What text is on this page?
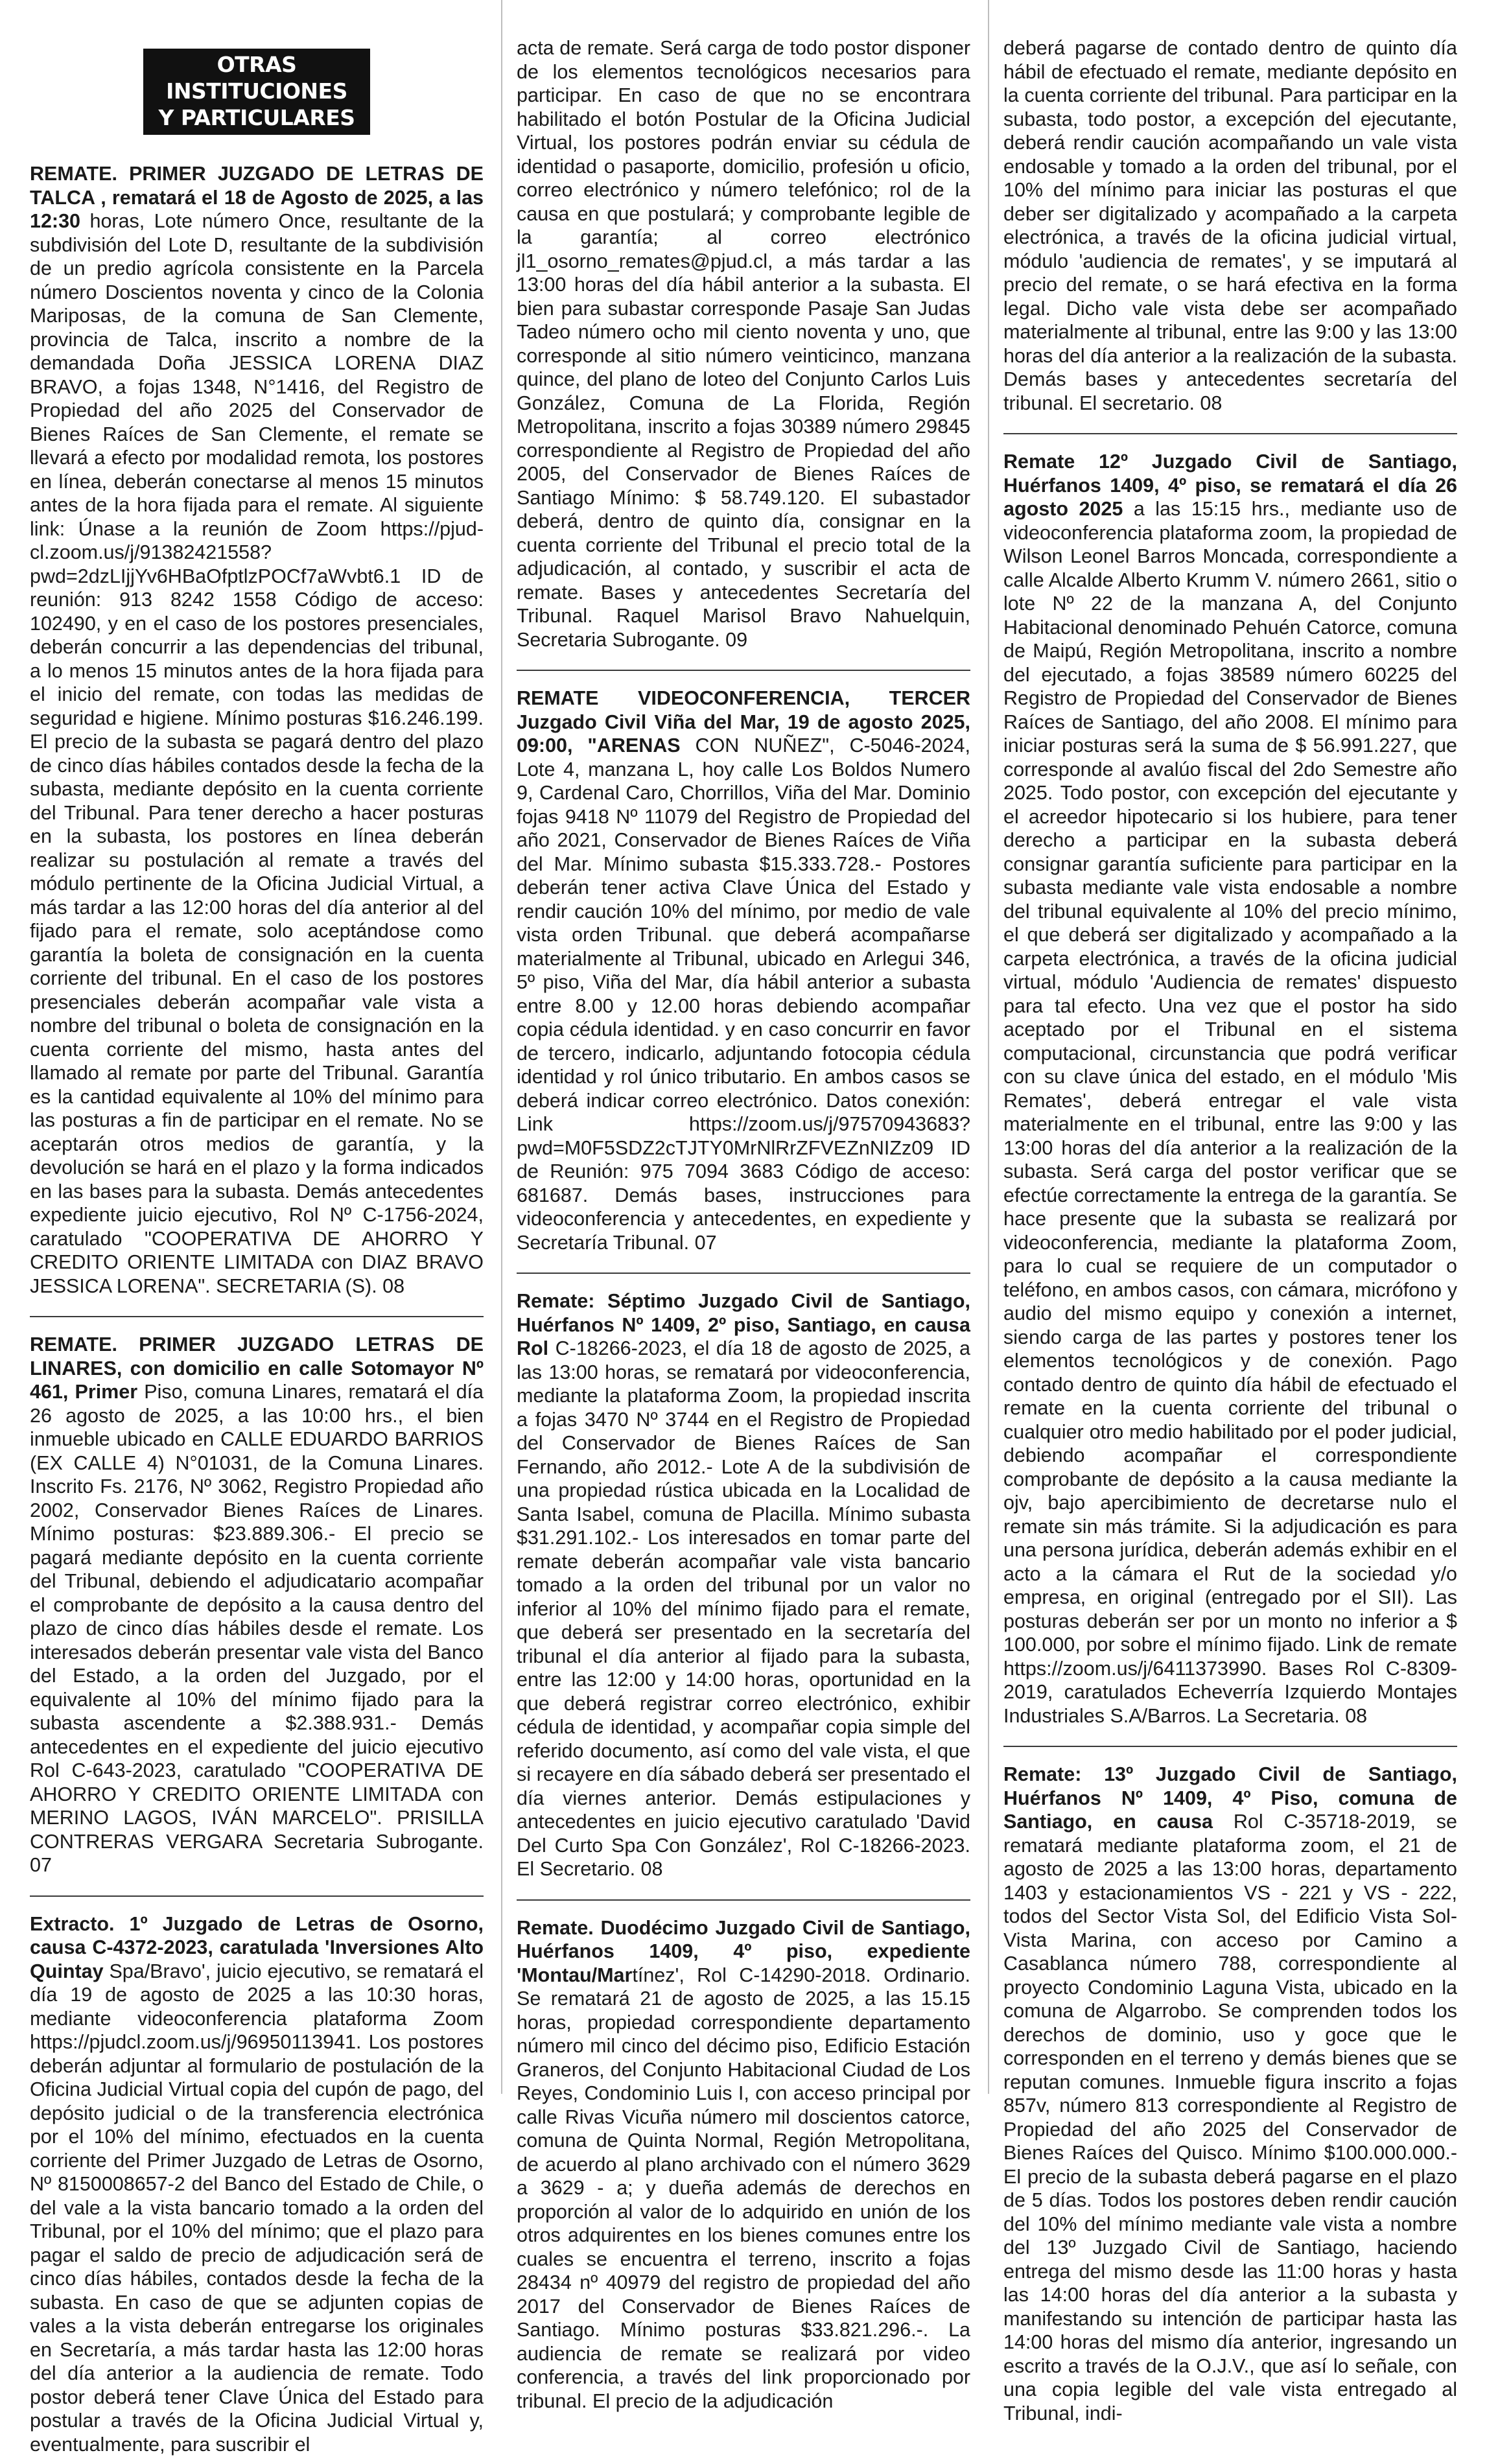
OTRAS INSTITUCIONES
Y PARTICULARES

REMATE. PRIMER JUZGADO DE LETRAS DE TALCA , rematará el 18 de Agosto de 2025, a las 12:30 horas, Lote número Once, resultante de la subdivisión del Lote D, resultante de la subdivisión de un predio agrícola consistente en la Parcela número Doscientos noventa y cinco de la Colonia Mariposas, de la comuna de San Clemente, provincia de Talca, inscrito a nombre de la demandada Doña JESSICA LORENA DIAZ BRAVO, a fojas 1348, N°1416, del Registro de Propiedad del año 2025 del Conservador de Bienes Raíces de San Clemente, el remate se llevará a efecto por modalidad remota, los postores en línea, deberán conectarse al menos 15 minutos antes de la hora fijada para el remate. Al siguiente link: Únase a la reunión de Zoom https://pjud-cl.zoom.us/j/91382421558?pwd=2dzLIjjYv6HBaOfptlzPOCf7aWvbt6.1 ID de reunión: 913 8242 1558 Código de acceso: 102490, y en el caso de los postores presenciales, deberán concurrir a las dependencias del tribunal, a lo menos 15 minutos antes de la hora fijada para el inicio del remate, con todas las medidas de seguridad e higiene. Mínimo posturas $16.246.199. El precio de la subasta se pagará dentro del plazo de cinco días hábiles contados desde la fecha de la subasta, mediante depósito en la cuenta corriente del Tribunal. Para tener derecho a hacer posturas en la subasta, los postores en línea deberán realizar su postulación al remate a través del módulo pertinente de la Oficina Judicial Virtual, a más tardar a las 12:00 horas del día anterior al del fijado para el remate, solo aceptándose como garantía la boleta de consignación en la cuenta corriente del tribunal. En el caso de los postores presenciales deberán acompañar vale vista a nombre del tribunal o boleta de consignación en la cuenta corriente del mismo, hasta antes del llamado al remate por parte del Tribunal. Garantía es la cantidad equivalente al 10% del mínimo para las posturas a fin de participar en el remate. No se aceptarán otros medios de garantía, y la devolución se hará en el plazo y la forma indicados en las bases para la subasta. Demás antecedentes expediente juicio ejecutivo, Rol Nº C-1756-2024, caratulado "COOPERATIVA DE AHORRO Y CREDITO ORIENTE LIMITADA con DIAZ BRAVO JESSICA LORENA". SECRETARIA (S). 08

REMATE. PRIMER JUZGADO LETRAS DE LINARES, con domicilio en calle Sotomayor Nº 461, Primer Piso, comuna Linares, rematará el día 26 agosto de 2025, a las 10:00 hrs., el bien inmueble ubicado en CALLE EDUARDO BARRIOS (EX CALLE 4) N°01031, de la Comuna Linares. Inscrito Fs. 2176, Nº 3062, Registro Propiedad año 2002, Conservador Bienes Raíces de Linares. Mínimo posturas: $23.889.306.- El precio se pagará mediante depósito en la cuenta corriente del Tribunal, debiendo el adjudicatario acompañar el comprobante de depósito a la causa dentro del plazo de cinco días hábiles desde el remate. Los interesados deberán presentar vale vista del Banco del Estado, a la orden del Juzgado, por el equivalente al 10% del mínimo fijado para la subasta ascendente a $2.388.931.- Demás antecedentes en el expediente del juicio ejecutivo Rol C-643-2023, caratulado "COOPERATIVA DE AHORRO Y CREDITO ORIENTE LIMITADA con MERINO LAGOS, IVÁN MARCELO". PRISILLA CONTRERAS VERGARA Secretaria Subrogante. 07

Extracto. 1º Juzgado de Letras de Osorno, causa C-4372-2023, caratulada 'Inversiones Alto Quintay Spa/Bravo', juicio ejecutivo, se rematará el día 19 de agosto de 2025 a las 10:30 horas, mediante videoconferencia plataforma Zoom https://pjudcl.zoom.us/j/96950113941. Los postores deberán adjuntar al formulario de postulación de la Oficina Judicial Virtual copia del cupón de pago, del depósito judicial o de la transferencia electrónica por el 10% del mínimo, efectuados en la cuenta corriente del Primer Juzgado de Letras de Osorno, Nº 8150008657-2 del Banco del Estado de Chile, o del vale a la vista bancario tomado a la orden del Tribunal, por el 10% del mínimo; que el plazo para pagar el saldo de precio de adjudicación será de cinco días hábiles, contados desde la fecha de la subasta. En caso de que se adjunten copias de vales a la vista deberán entregarse los originales en Secretaría, a más tardar hasta las 12:00 horas del día anterior a la audiencia de remate. Todo postor deberá tener Clave Única del Estado para postular a través de la Oficina Judicial Virtual y, eventualmente, para suscribir el

acta de remate. Será carga de todo postor disponer de los elementos tecnológicos necesarios para participar. En caso de que no se encontrara habilitado el botón Postular de la Oficina Judicial Virtual, los postores podrán enviar su cédula de identidad o pasaporte, domicilio, profesión u oficio, correo electrónico y número telefónico; rol de la causa en que postulará; y comprobante legible de la garantía; al correo electrónico jl1_osorno_remates@pjud.cl, a más tardar a las 13:00 horas del día hábil anterior a la subasta. El bien para subastar corresponde Pasaje San Judas Tadeo número ocho mil ciento noventa y uno, que corresponde al sitio número veinticinco, manzana quince, del plano de loteo del Conjunto Carlos Luis González, Comuna de La Florida, Región Metropolitana, inscrito a fojas 30389 número 29845 correspondiente al Registro de Propiedad del año 2005, del Conservador de Bienes Raíces de Santiago Mínimo: $ 58.749.120. El subastador deberá, dentro de quinto día, consignar en la cuenta corriente del Tribunal el precio total de la adjudicación, al contado, y suscribir el acta de remate. Bases y antecedentes Secretaría del Tribunal. Raquel Marisol Bravo Nahuelquin, Secretaria Subrogante. 09

REMATE VIDEOCONFERENCIA, TERCER Juzgado Civil Viña del Mar, 19 de agosto 2025, 09:00, "ARENAS CON NUÑEZ", C-5046-2024, Lote 4, manzana L, hoy calle Los Boldos Numero 9, Cardenal Caro, Chorrillos, Viña del Mar. Dominio fojas 9418 Nº 11079 del Registro de Propiedad del año 2021, Conservador de Bienes Raíces de Viña del Mar. Mínimo subasta $15.333.728.- Postores deberán tener activa Clave Única del Estado y rendir caución 10% del mínimo, por medio de vale vista orden Tribunal. que deberá acompañarse materialmente al Tribunal, ubicado en Arlegui 346, 5º piso, Viña del Mar, día hábil anterior a subasta entre 8.00 y 12.00 horas debiendo acompañar copia cédula identidad. y en caso concurrir en favor de tercero, indicarlo, adjuntando fotocopia cédula identidad y rol único tributario. En ambos casos se deberá indicar correo electrónico. Datos conexión: Link https://zoom.us/j/97570943683?pwd=M0F5SDZ2cTJTY0MrNlRrZFVEZnNIZz09 ID de Reunión: 975 7094 3683 Código de acceso: 681687. Demás bases, instrucciones para videoconferencia y antecedentes, en expediente y Secretaría Tribunal. 07

Remate: Séptimo Juzgado Civil de Santiago, Huérfanos Nº 1409, 2º piso, Santiago, en causa Rol C-18266-2023, el día 18 de agosto de 2025, a las 13:00 horas, se rematará por videoconferencia, mediante la plataforma Zoom, la propiedad inscrita a fojas 3470 Nº 3744 en el Registro de Propiedad del Conservador de Bienes Raíces de San Fernando, año 2012.- Lote A de la subdivisión de una propiedad rústica ubicada en la Localidad de Santa Isabel, comuna de Placilla. Mínimo subasta $31.291.102.- Los interesados en tomar parte del remate deberán acompañar vale vista bancario tomado a la orden del tribunal por un valor no inferior al 10% del mínimo fijado para el remate, que deberá ser presentado en la secretaría del tribunal el día anterior al fijado para la subasta, entre las 12:00 y 14:00 horas, oportunidad en la que deberá registrar correo electrónico, exhibir cédula de identidad, y acompañar copia simple del referido documento, así como del vale vista, el que si recayere en día sábado deberá ser presentado el día viernes anterior. Demás estipulaciones y antecedentes en juicio ejecutivo caratulado 'David Del Curto Spa Con González', Rol C-18266-2023. El Secretario. 08

Remate. Duodécimo Juzgado Civil de Santiago, Huérfanos 1409, 4º piso, expediente 'Montau/Martínez', Rol C-14290-2018. Ordinario. Se rematará 21 de agosto de 2025, a las 15.15 horas, propiedad correspondiente departamento número mil cinco del décimo piso, Edificio Estación Graneros, del Conjunto Habitacional Ciudad de Los Reyes, Condominio Luis I, con acceso principal por calle Rivas Vicuña número mil doscientos catorce, comuna de Quinta Normal, Región Metropolitana, de acuerdo al plano archivado con el número 3629 a 3629 - a; y dueña además de derechos en proporción al valor de lo adquirido en unión de los otros adquirentes en los bienes comunes entre los cuales se encuentra el terreno, inscrito a fojas 28434 nº 40979 del registro de propiedad del año 2017 del Conservador de Bienes Raíces de Santiago. Mínimo posturas $33.821.296.-. La audiencia de remate se realizará por video conferencia, a través del link proporcionado por tribunal. El precio de la adjudicación

deberá pagarse de contado dentro de quinto día hábil de efectuado el remate, mediante depósito en la cuenta corriente del tribunal. Para participar en la subasta, todo postor, a excepción del ejecutante, deberá rendir caución acompañando un vale vista endosable y tomado a la orden del tribunal, por el 10% del mínimo para iniciar las posturas el que deber ser digitalizado y acompañado a la carpeta electrónica, a través de la oficina judicial virtual, módulo 'audiencia de remates', y se imputará al precio del remate, o se hará efectiva en la forma legal. Dicho vale vista debe ser acompañado materialmente al tribunal, entre las 9:00 y las 13:00 horas del día anterior a la realización de la subasta. Demás bases y antecedentes secretaría del tribunal. El secretario. 08

Remate 12º Juzgado Civil de Santiago, Huérfanos 1409, 4º piso, se rematará el día 26 agosto 2025 a las 15:15 hrs., mediante uso de videoconferencia plataforma zoom, la propiedad de Wilson Leonel Barros Moncada, correspondiente a calle Alcalde Alberto Krumm V. número 2661, sitio o lote Nº 22 de la manzana A, del Conjunto Habitacional denominado Pehuén Catorce, comuna de Maipú, Región Metropolitana, inscrito a nombre del ejecutado, a fojas 38589 número 60225 del Registro de Propiedad del Conservador de Bienes Raíces de Santiago, del año 2008. El mínimo para iniciar posturas será la suma de $ 56.991.227, que corresponde al avalúo fiscal del 2do Semestre año 2025. Todo postor, con excepción del ejecutante y el acreedor hipotecario si los hubiere, para tener derecho a participar en la subasta deberá consignar garantía suficiente para participar en la subasta mediante vale vista endosable a nombre del tribunal equivalente al 10% del precio mínimo, el que deberá ser digitalizado y acompañado a la carpeta electrónica, a través de la oficina judicial virtual, módulo 'Audiencia de remates' dispuesto para tal efecto. Una vez que el postor ha sido aceptado por el Tribunal en el sistema computacional, circunstancia que podrá verificar con su clave única del estado, en el módulo 'Mis Remates', deberá entregar el vale vista materialmente en el tribunal, entre las 9:00 y las 13:00 horas del día anterior a la realización de la subasta. Será carga del postor verificar que se efectúe correctamente la entrega de la garantía. Se hace presente que la subasta se realizará por videoconferencia, mediante la plataforma Zoom, para lo cual se requiere de un computador o teléfono, en ambos casos, con cámara, micrófono y audio del mismo equipo y conexión a internet, siendo carga de las partes y postores tener los elementos tecnológicos y de conexión. Pago contado dentro de quinto día hábil de efectuado el remate en la cuenta corriente del tribunal o cualquier otro medio habilitado por el poder judicial, debiendo acompañar el correspondiente comprobante de depósito a la causa mediante la ojv, bajo apercibimiento de decretarse nulo el remate sin más trámite. Si la adjudicación es para una persona jurídica, deberán además exhibir en el acto a la cámara el Rut de la sociedad y/o empresa, en original (entregado por el SII). Las posturas deberán ser por un monto no inferior a $ 100.000, por sobre el mínimo fijado. Link de remate https://zoom.us/j/6411373990. Bases Rol C-8309-2019, caratulados Echeverría Izquierdo Montajes Industriales S.A/Barros. La Secretaria. 08

Remate: 13º Juzgado Civil de Santiago, Huérfanos Nº 1409, 4º Piso, comuna de Santiago, en causa Rol C-35718-2019, se rematará mediante plataforma zoom, el 21 de agosto de 2025 a las 13:00 horas, departamento 1403 y estacionamientos VS - 221 y VS - 222, todos del Sector Vista Sol, del Edificio Vista Sol-Vista Marina, con acceso por Camino a Casablanca número 788, correspondiente al proyecto Condominio Laguna Vista, ubicado en la comuna de Algarrobo. Se comprenden todos los derechos de dominio, uso y goce que le corresponden en el terreno y demás bienes que se reputan comunes. Inmueble figura inscrito a fojas 857v, número 813 correspondiente al Registro de Propiedad del año 2025 del Conservador de Bienes Raíces del Quisco. Mínimo $100.000.000.- El precio de la subasta deberá pagarse en el plazo de 5 días. Todos los postores deben rendir caución del 10% del mínimo mediante vale vista a nombre del 13º Juzgado Civil de Santiago, haciendo entrega del mismo desde las 11:00 horas y hasta las 14:00 horas del día anterior a la subasta y manifestando su intención de participar hasta las 14:00 horas del mismo día anterior, ingresando un escrito a través de la O.J.V., que así lo señale, con una copia legible del vale vista entregado al Tribunal, indi-
